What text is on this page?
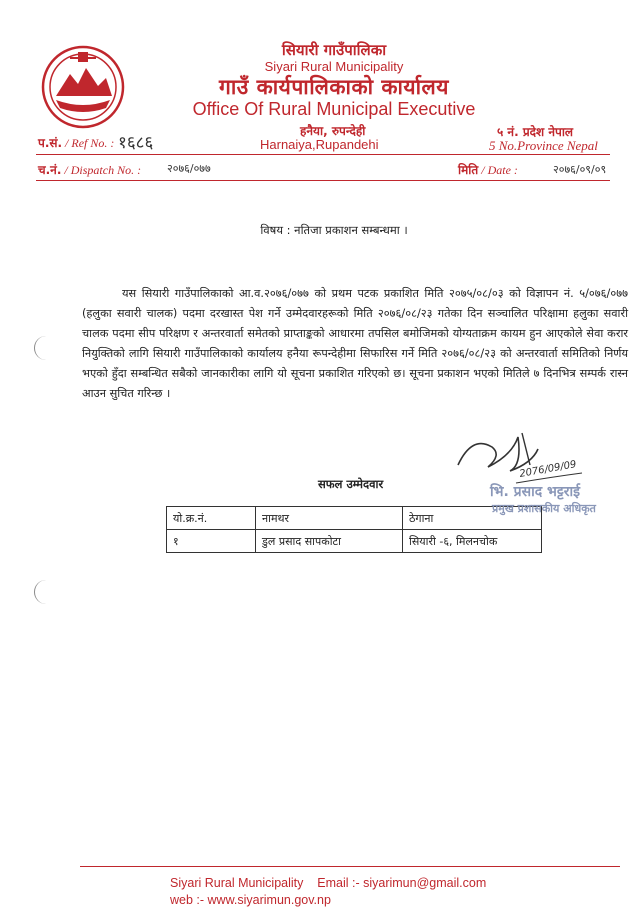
सियारी गाउँपालिका
Siyari Rural Municipality
गाउँ कार्यपालिकाको कार्यालय
Office Of Rural Municipal Executive
हनैया, रुपन्देही
Harnaiya,Rupandehi
५ नं. प्रदेश नेपाल
5 No.Province Nepal
प.सं. / Ref No. : १६८६
च.नं. / Dispatch No. : २०७६/०७७	मिति / Date :	२०७६/०९/०९
विषय : नतिजा प्रकाशन सम्बन्धमा ।

यस सियारी गाउँपालिकाको आ.व.२०७६/०७७ को प्रथम पटक प्रकाशित मिति २०७५/०८/०३ को विज्ञापन नं. ५/०७६/०७७ (हलुका सवारी चालक) पदमा दरखास्त पेश गर्ने उम्मेदवारहरूको मिति २०७६/०८/२३ गतेका दिन सञ्चालित परिक्षामा हलुका सवारी चालक पदमा सीप परिक्षण र अन्तरवार्ता समेतको प्राप्ताङ्कको आधारमा तपसिल बमोजिमको योग्यताक्रम कायम हुन आएकोले सेवा करार नियुक्तिको लागि सियारी गाउँपालिकाको कार्यालय हनैया रूपन्देहीमा सिफारिस गर्ने मिति २०७६/०८/२३ को अन्तरवार्ता समितिको निर्णय भएको हुँदा सम्बन्धित सबैको जानकारीका लागि यो सूचना प्रकाशित गरिएको छ। सूचना प्रकाशन भएको मितिले ७ दिनभित्र सम्पर्क रास्न आउन सुचित गरिन्छ ।

सफल उम्मेदवार
यो.क्र.नं.	नामथर	ठेगाना
१	डुल प्रसाद सापकोटा	सियारी -६, मिलनचोक
2076/09/09
भि. प्रसाद भट्टराई
प्रमुख प्रशासकीय अधिकृत
Siyari Rural Municipality    Email :- siyarimun@gmail.com
web :- www.siyarimun.gov.np
